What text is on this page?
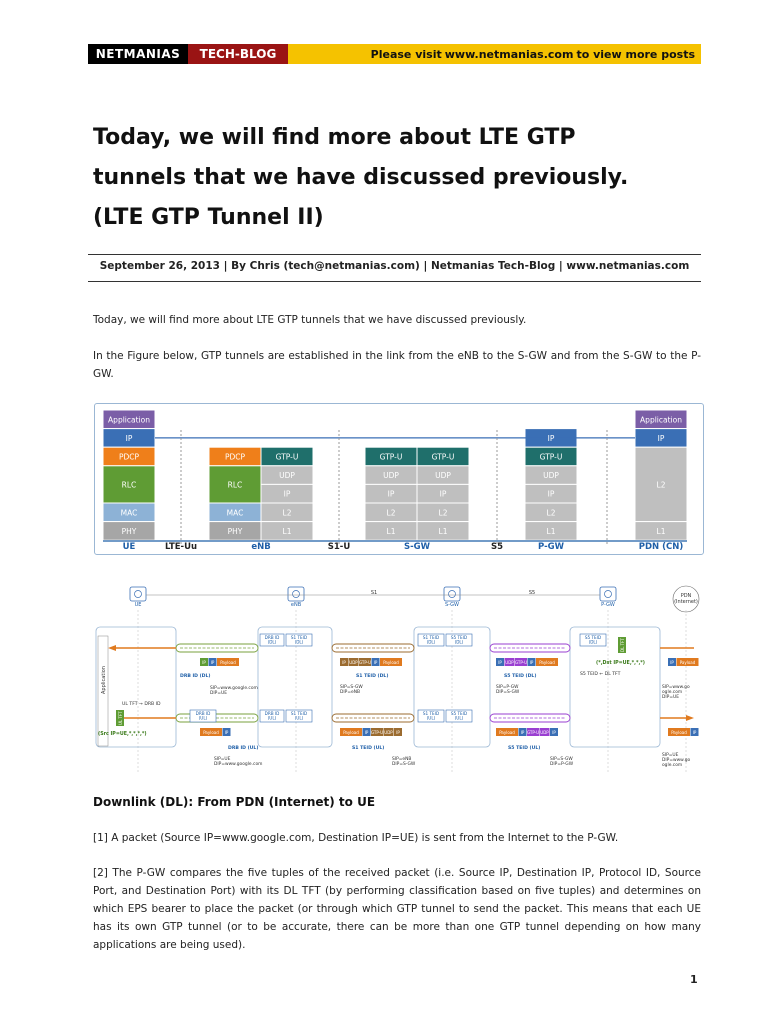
NETMANIAS	TECH-BLOG	Please visit www.netmanias.com to view more posts
Today, we will find more about LTE GTP
tunnels that we have discussed previously.
(LTE GTP Tunnel II)
September 26, 2013 | By Chris (tech@netmanias.com) | Netmanias Tech-Blog | www.netmanias.com

Today, we will find more about LTE GTP tunnels that we have discussed previously.

In the Figure below, GTP tunnels are established in the link from the eNB to the S-GW and from the S-GW to the P-GW.

Application
IP
PDCP
RLC
MAC
PHY
PDCP
RLC
MAC
PHY
GTP-U
UDP
IP
L2
L1
GTP-U
UDP
IP
L2
L1
GTP-U
UDP
IP
L2
L1
IP
GTP-U
UDP
IP
L2
L1
Application
IP
L2
L1
UE	LTE-Uu	eNB	S1-U	S-GW	S5	P-GW	PDN (CN)
UE	eNB	S-GW	P-GW
PDN (Internet)
S1	S5
Application
DRB ID (DL)
S1 TEID (DL)
S1 TEID (DL)
S5 TEID (DL)
S5 TEID (DL)
DRB ID (UL)
DRB ID (UL)
S1 TEID (UL)
S1 TEID (UL)
S5 TEID (UL)
UL TFT
DL TFT
IP IP Payload	IP UDP GTP-U IP Payload	IP UDP GTP-U IP Payload	IP Payload
Payload IP	Payload IP GTP-U UDP IP	Payload IP GTP-U UDP IP	Payload IP
DRB ID (DL)	S1 TEID (DL)	S5 TEID (DL)
DRB ID (UL)	S1 TEID (UL)	S5 TEID (UL)
UL TFT → DRB ID
S5 TEID ← DL TFT
(Src IP=UE,*,*,*,*)
(*,Dst IP=UE,*,*,*)
SIP=www.google.com DIP=UE
SIP=S-GW DIP=eNB
SIP=P-GW DIP=S-GW
SIP=www.go ogle.com DIP=UE
SIP=UE DIP=www.google.com
SIP=eNB DIP=S-GW
SIP=S-GW DIP=P-GW
SIP=UE DIP=www.go ogle.com
Downlink (DL): From PDN (Internet) to UE

[1] A packet (Source IP=www.google.com, Destination IP=UE) is sent from the Internet to the P-GW.

[2] The P-GW compares the five tuples of the received packet (i.e. Source IP, Destination IP, Protocol ID, Source Port, and Destination Port) with its DL TFT (by performing classification based on five tuples) and determines on which EPS bearer to place the packet (or through which GTP tunnel to send the packet. This means that each UE has its own GTP tunnel (or to be accurate, there can be more than one GTP tunnel depending on how many applications are being used).

1
